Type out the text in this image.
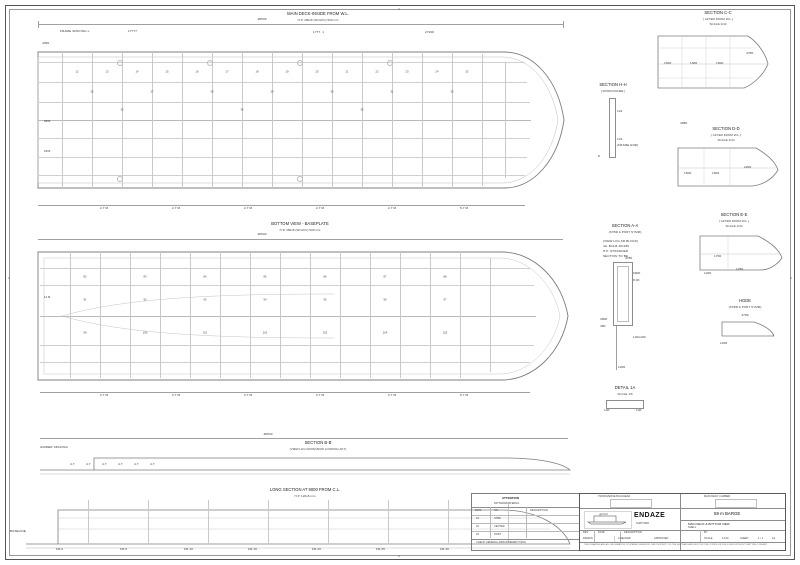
MAIN DECK-INSIDE FROM W.L.
H.P. 180x8 (SP.ACC) 500 m/c
48540
FRAME SPACING L.	17777	1777. 1	27200
4350
12	13	14	15	16	17	18	19	20	21	22	23	24	25
26	27	28	29	30	31	32
33	34	35
6800
5200
2.7 M	2.7 M	2.7 M	2.7 M	2.7 M	5.7 M
BOTTOM VIEW - BASEPLATE
H.P. 180x8 (SP.ACC) 500 m/c
48540
82	83	84	85	86	87	88
91	92	93	94	95	96	97
99	100	101	102	103	104	105
12 M
2.7 M	2.7 M	2.7 M	2.7 M	2.7 M	5.7 M
SECTION B-B
(VIEW LKG FROM BOW LOOKING AFT)
48540
GIRDER SPACING
4.7	4.7	4.7	4.7	4.7	4.7
LONG SECTION AT 9000 FROM C.L.
H.P. 120x8 mm
BASELINE
FR.0	FR.5	FR.10	FR.15	FR.20	FR.25	FR.30
SECTION H-H
( FROM FRAME )
122
122
(FRAME END)
8
SECTION A-A
(STBD & PORT SYMM)
(VIEW LKG FR BLOCK)
4A. BULB 40x180
H.P. STIFFENER
SECTION TO BE
4780
6000
8.00
4500
480
140x100
1200
DETAIL 1A
SCALE 1/5
140	140
SECTION C-C
( AFTER FROM W.L.)
SCALE 1/10
1500	1500	1500
4780
SECTION D-D
( AFTER FROM W.L.)
SCALE 1/10
4980
1500	1500
2200
SECTION E-E
( AFTER FROM W.L.)
SCALE 1/10
1700
1250
1200
HGDE
(STBD & PORT SYMM)
4780
1200
ATTENTION
PATTERN/MATERIAL
DWG	NO.	DESCRIPTION
01	STBD
02	CENTER
03	PORT
CHECK GENERAL ARRANGEMENT DWG
TRANSVERSE BULKHEAD	MAIN DECK CAMBER
ENDAZE
SHIPYARD
59 m BARGE
MAIN DECK & BOTTOM VIEW
SHELL
REV	DATE	DESCRIPTION	BY
DRAWN	CHECKED	APPROVED	SCALE	1:100	SHEET	1 / 1	A1
THIS DRAWING AND ALL INFORMATION CONTAINED HEREIN IS THE PROPERTY OF THE SHIPYARD AND MUST NOT BE COPIED OR DISCLOSED WITHOUT WRITTEN CONSENT.
C	C
4
4
